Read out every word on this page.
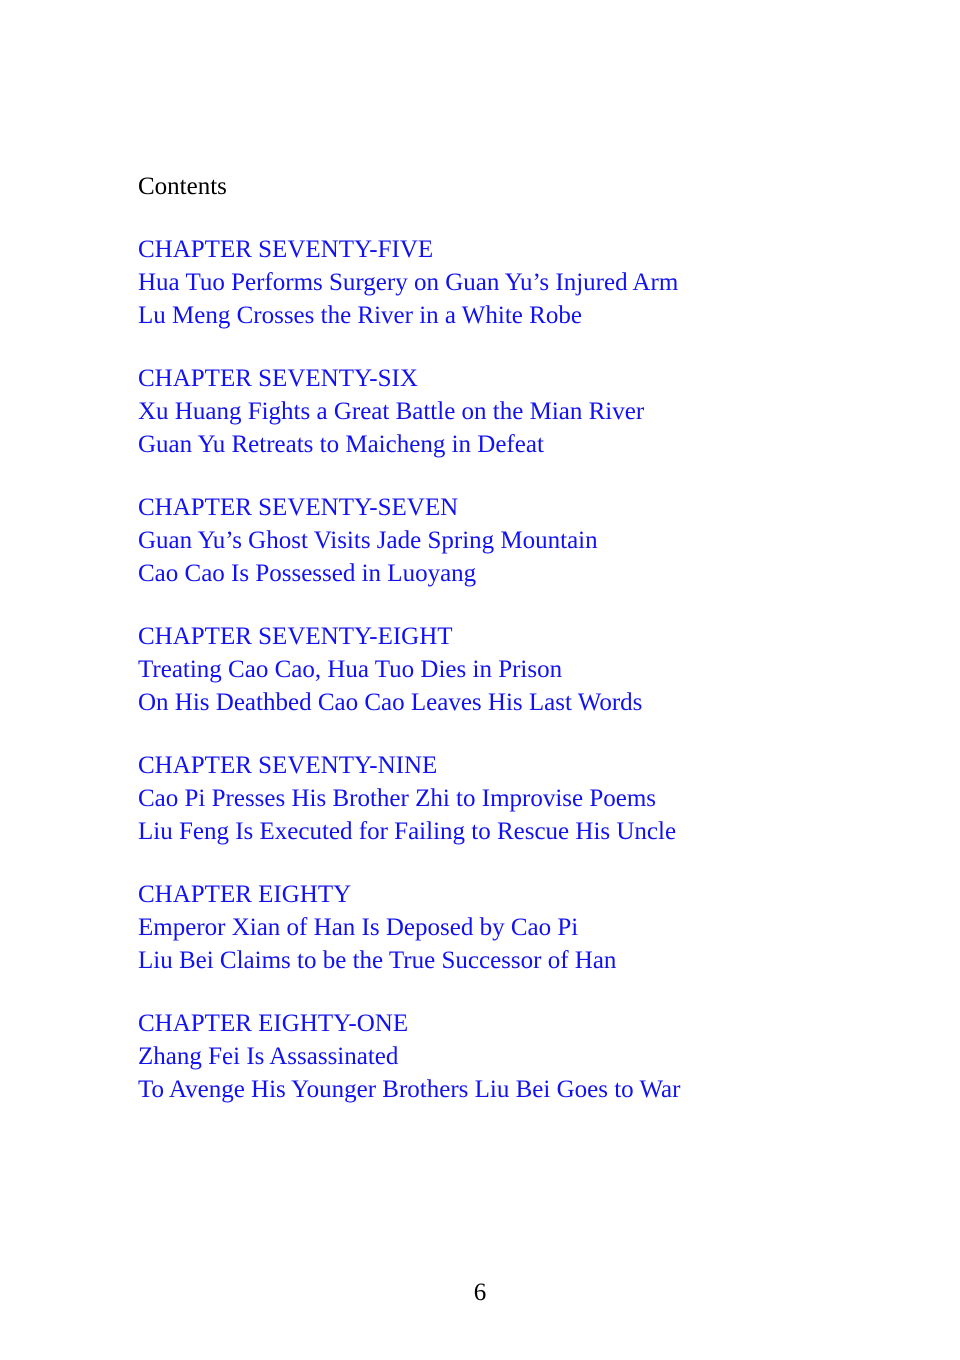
Contents
CHAPTER SEVENTY-FIVE
Hua Tuo Performs Surgery on Guan Yu’s Injured Arm
Lu Meng Crosses the River in a White Robe
CHAPTER SEVENTY-SIX
Xu Huang Fights a Great Battle on the Mian River
Guan Yu Retreats to Maicheng in Defeat
CHAPTER SEVENTY-SEVEN
Guan Yu’s Ghost Visits Jade Spring Mountain
Cao Cao Is Possessed in Luoyang
CHAPTER SEVENTY-EIGHT
Treating Cao Cao, Hua Tuo Dies in Prison
On His Deathbed Cao Cao Leaves His Last Words
CHAPTER SEVENTY-NINE
Cao Pi Presses His Brother Zhi to Improvise Poems
Liu Feng Is Executed for Failing to Rescue His Uncle
CHAPTER EIGHTY
Emperor Xian of Han Is Deposed by Cao Pi
Liu Bei Claims to be the True Successor of Han
CHAPTER EIGHTY-ONE
Zhang Fei Is Assassinated
To Avenge His Younger Brothers Liu Bei Goes to War
6
